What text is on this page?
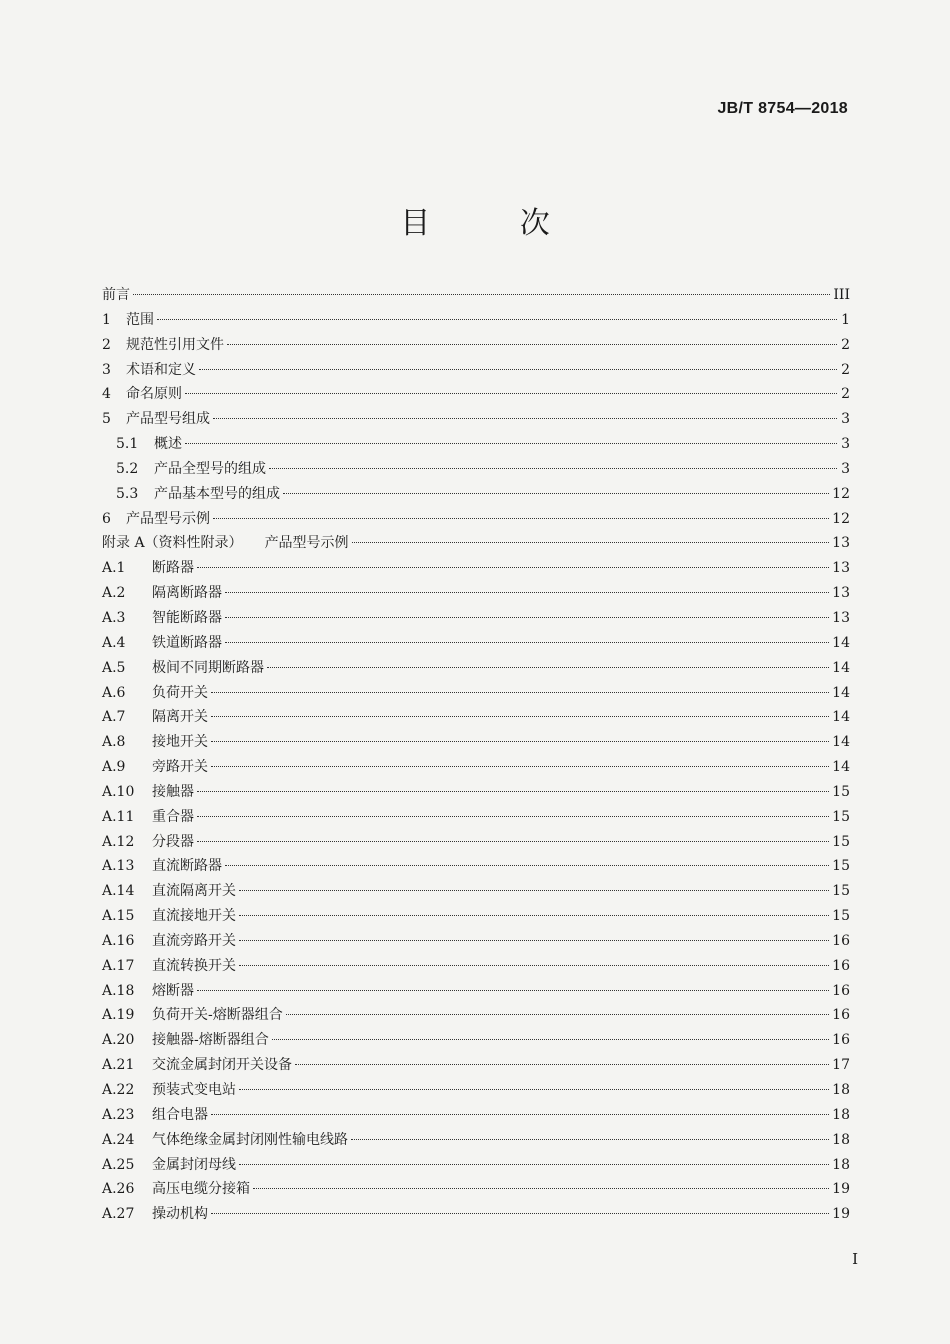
JB/T 8754—2018
目 次
前言	III
1	范围	1
2	规范性引用文件	2
3	术语和定义	2
4	命名原则	2
5	产品型号组成	3
5.1	概述	3
5.2	产品全型号的组成	3
5.3	产品基本型号的组成	12
6	产品型号示例	12
附录 A（资料性附录） 产品型号示例	13
A.1	断路器	13
A.2	隔离断路器	13
A.3	智能断路器	13
A.4	铁道断路器	14
A.5	极间不同期断路器	14
A.6	负荷开关	14
A.7	隔离开关	14
A.8	接地开关	14
A.9	旁路开关	14
A.10	接触器	15
A.11	重合器	15
A.12	分段器	15
A.13	直流断路器	15
A.14	直流隔离开关	15
A.15	直流接地开关	15
A.16	直流旁路开关	16
A.17	直流转换开关	16
A.18	熔断器	16
A.19	负荷开关-熔断器组合	16
A.20	接触器-熔断器组合	16
A.21	交流金属封闭开关设备	17
A.22	预装式变电站	18
A.23	组合电器	18
A.24	气体绝缘金属封闭刚性输电线路	18
A.25	金属封闭母线	18
A.26	高压电缆分接箱	19
A.27	操动机构	19
I
